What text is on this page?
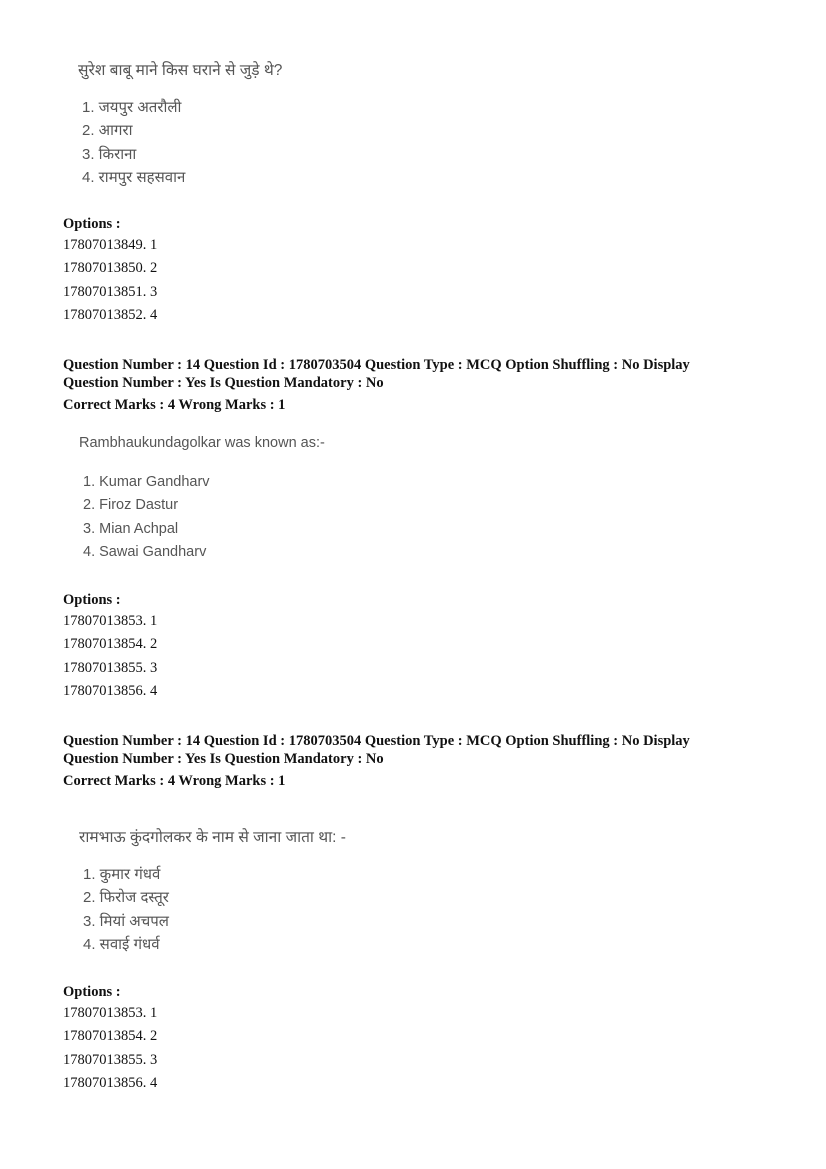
सुरेश बाबू माने किस घराने से जुड़े थे?
1. जयपुर अतरौली
2. आगरा
3. किराना
4. रामपुर सहसवान
Options :
17807013849. 1
17807013850. 2
17807013851. 3
17807013852. 4
Question Number : 14 Question Id : 1780703504 Question Type : MCQ Option Shuffling : No Display
Question Number : Yes Is Question Mandatory : No
Correct Marks : 4 Wrong Marks : 1
Rambhaukundagolkar was known as:-
1. Kumar Gandharv
2. Firoz Dastur
3. Mian Achpal
4. Sawai Gandharv
Options :
17807013853. 1
17807013854. 2
17807013855. 3
17807013856. 4
Question Number : 14 Question Id : 1780703504 Question Type : MCQ Option Shuffling : No Display
Question Number : Yes Is Question Mandatory : No
Correct Marks : 4 Wrong Marks : 1
रामभाऊ कुंदगोलकर के नाम से जाना जाता था: -
1. कुमार गंधर्व
2. फिरोज दस्तूर
3. मियां अचपल
4. सवाई गंधर्व
Options :
17807013853. 1
17807013854. 2
17807013855. 3
17807013856. 4
